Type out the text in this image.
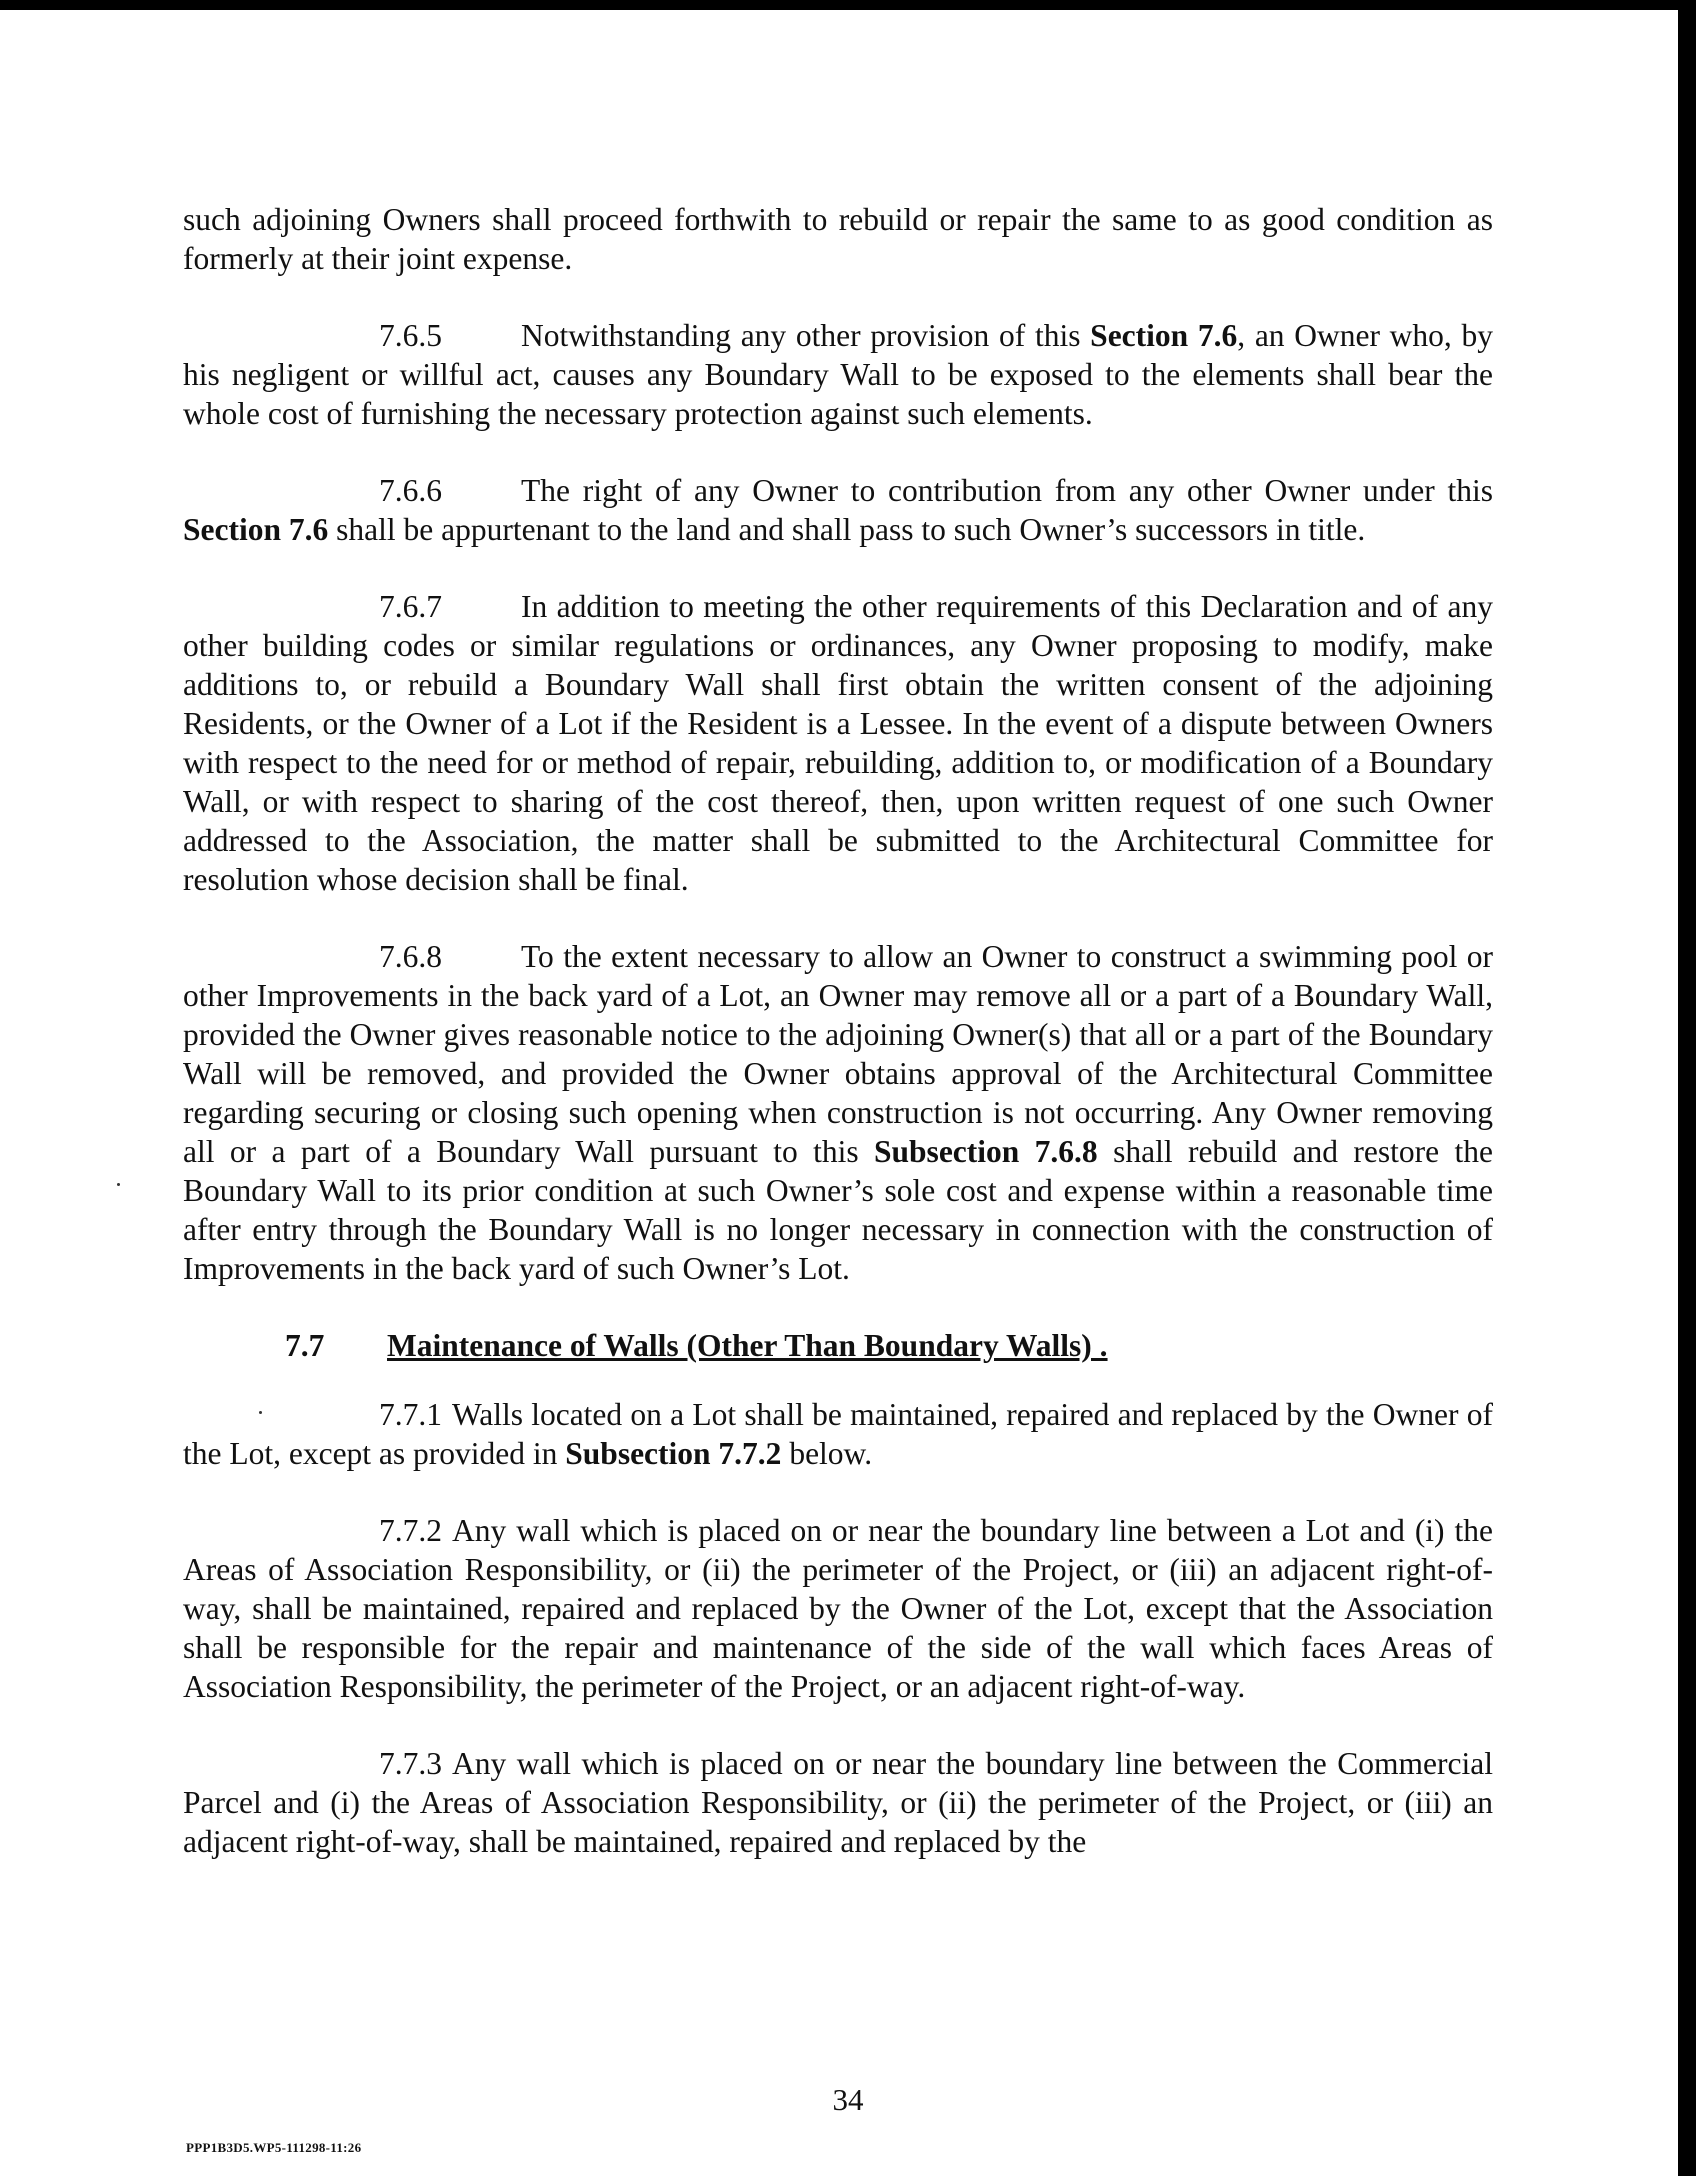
such adjoining Owners shall proceed forthwith to rebuild or repair the same to as good condition as formerly at their joint expense.

7.6.5	Notwithstanding any other provision of this Section 7.6, an Owner who, by his negligent or willful act, causes any Boundary Wall to be exposed to the elements shall bear the whole cost of furnishing the necessary protection against such elements.

7.6.6	The right of any Owner to contribution from any other Owner under this Section 7.6 shall be appurtenant to the land and shall pass to such Owner’s successors in title.

7.6.7	In addition to meeting the other requirements of this Declaration and of any other building codes or similar regulations or ordinances, any Owner proposing to modify, make additions to, or rebuild a Boundary Wall shall first obtain the written consent of the adjoining Residents, or the Owner of a Lot if the Resident is a Lessee. In the event of a dispute between Owners with respect to the need for or method of repair, rebuilding, addition to, or modification of a Boundary Wall, or with respect to sharing of the cost thereof, then, upon written request of one such Owner addressed to the Association, the matter shall be submitted to the Architectural Committee for resolution whose decision shall be final.

7.6.8	To the extent necessary to allow an Owner to construct a swimming pool or other Improvements in the back yard of a Lot, an Owner may remove all or a part of a Boundary Wall, provided the Owner gives reasonable notice to the adjoining Owner(s) that all or a part of the Boundary Wall will be removed, and provided the Owner obtains approval of the Architectural Committee regarding securing or closing such opening when construction is not occurring. Any Owner removing all or a part of a Boundary Wall pursuant to this Subsection 7.6.8 shall rebuild and restore the Boundary Wall to its prior condition at such Owner’s sole cost and expense within a reasonable time after entry through the Boundary Wall is no longer necessary in connection with the construction of Improvements in the back yard of such Owner’s Lot.

7.7 Maintenance of Walls (Other Than Boundary Walls) .

7.7.1 Walls located on a Lot shall be maintained, repaired and replaced by the Owner of the Lot, except as provided in Subsection 7.7.2 below.

7.7.2 Any wall which is placed on or near the boundary line between a Lot and (i) the Areas of Association Responsibility, or (ii) the perimeter of the Project, or (iii) an adjacent right-of-way, shall be maintained, repaired and replaced by the Owner of the Lot, except that the Association shall be responsible for the repair and maintenance of the side of the wall which faces Areas of Association Responsibility, the perimeter of the Project, or an adjacent right-of-way.

7.7.3 Any wall which is placed on or near the boundary line between the Commercial Parcel and (i) the Areas of Association Responsibility, or (ii) the perimeter of the Project, or (iii) an adjacent right-of-way, shall be maintained, repaired and replaced by the

PPP1B3D5.WP5-111298-11:26
34
